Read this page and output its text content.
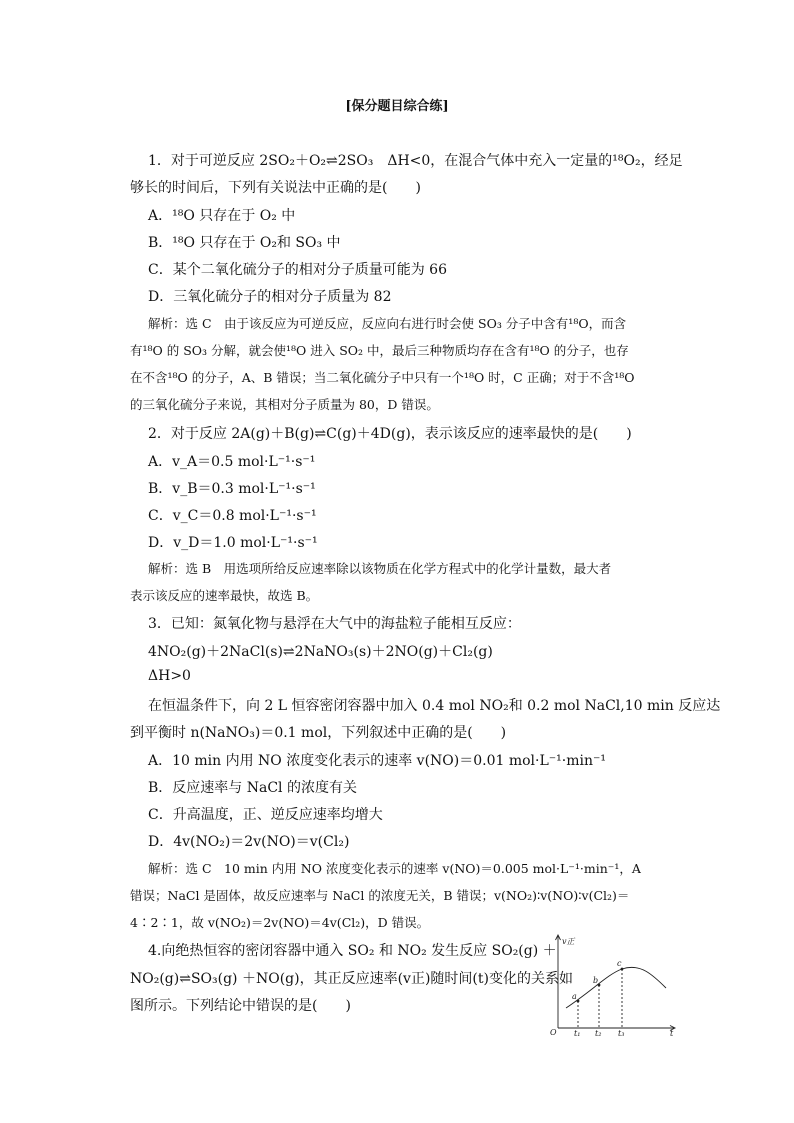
[保分题目综合练]
1．对于可逆反应 2SO₂＋O₂⇌2SO₃　ΔH<0，在混合气体中充入一定量的¹⁸O₂，经足
够长的时间后，下列有关说法中正确的是(　　)
A．¹⁸O 只存在于 O₂ 中
B．¹⁸O 只存在于 O₂和 SO₃ 中
C．某个二氧化硫分子的相对分子质量可能为 66
D．三氧化硫分子的相对分子质量为 82
解析：选 C　由于该反应为可逆反应，反应向右进行时会使 SO₃ 分子中含有¹⁸O，而含
有¹⁸O 的 SO₃ 分解，就会使¹⁸O 进入 SO₂ 中，最后三种物质均存在含有¹⁸O 的分子，也存
在不含¹⁸O 的分子，A、B 错误；当二氧化硫分子中只有一个¹⁸O 时，C 正确；对于不含¹⁸O
的三氧化硫分子来说，其相对分子质量为 80，D 错误。
2．对于反应 2A(g)＋B(g)⇌C(g)＋4D(g)，表示该反应的速率最快的是(　　)
A．v_A＝0.5 mol·L⁻¹·s⁻¹
B．v_B＝0.3 mol·L⁻¹·s⁻¹
C．v_C＝0.8 mol·L⁻¹·s⁻¹
D．v_D＝1.0 mol·L⁻¹·s⁻¹
解析：选 B　用选项所给反应速率除以该物质在化学方程式中的化学计量数，最大者
表示该反应的速率最快，故选 B。
3．已知：氮氧化物与悬浮在大气中的海盐粒子能相互反应：
4NO₂(g)＋2NaCl(s)⇌2NaNO₃(s)＋2NO(g)＋Cl₂(g)
ΔH>0
在恒温条件下，向 2 L 恒容密闭容器中加入 0.4 mol NO₂和 0.2 mol NaCl,10 min 反应达
到平衡时 n(NaNO₃)＝0.1 mol，下列叙述中正确的是(　　)
A．10 min 内用 NO 浓度变化表示的速率 v(NO)＝0.01 mol·L⁻¹·min⁻¹
B．反应速率与 NaCl 的浓度有关
C．升高温度，正、逆反应速率均增大
D．4v(NO₂)＝2v(NO)＝v(Cl₂)
解析：选 C　10 min 内用 NO 浓度变化表示的速率 v(NO)＝0.005 mol·L⁻¹·min⁻¹，A
错误；NaCl 是固体，故反应速率与 NaCl 的浓度无关，B 错误；v(NO₂)∶v(NO)∶v(Cl₂)＝
4∶2∶1，故 v(NO₂)＝2v(NO)＝4v(Cl₂)，D 错误。
4.向绝热恒容的密闭容器中通入 SO₂ 和 NO₂ 发生反应 SO₂(g) ＋
NO₂(g)⇌SO₃(g) ＋NO(g)，其正反应速率(v正)随时间(t)变化的关系如
图所示。下列结论中错误的是(　　)
v正
t
O
a
b
c
t₁ t₂ t₃
